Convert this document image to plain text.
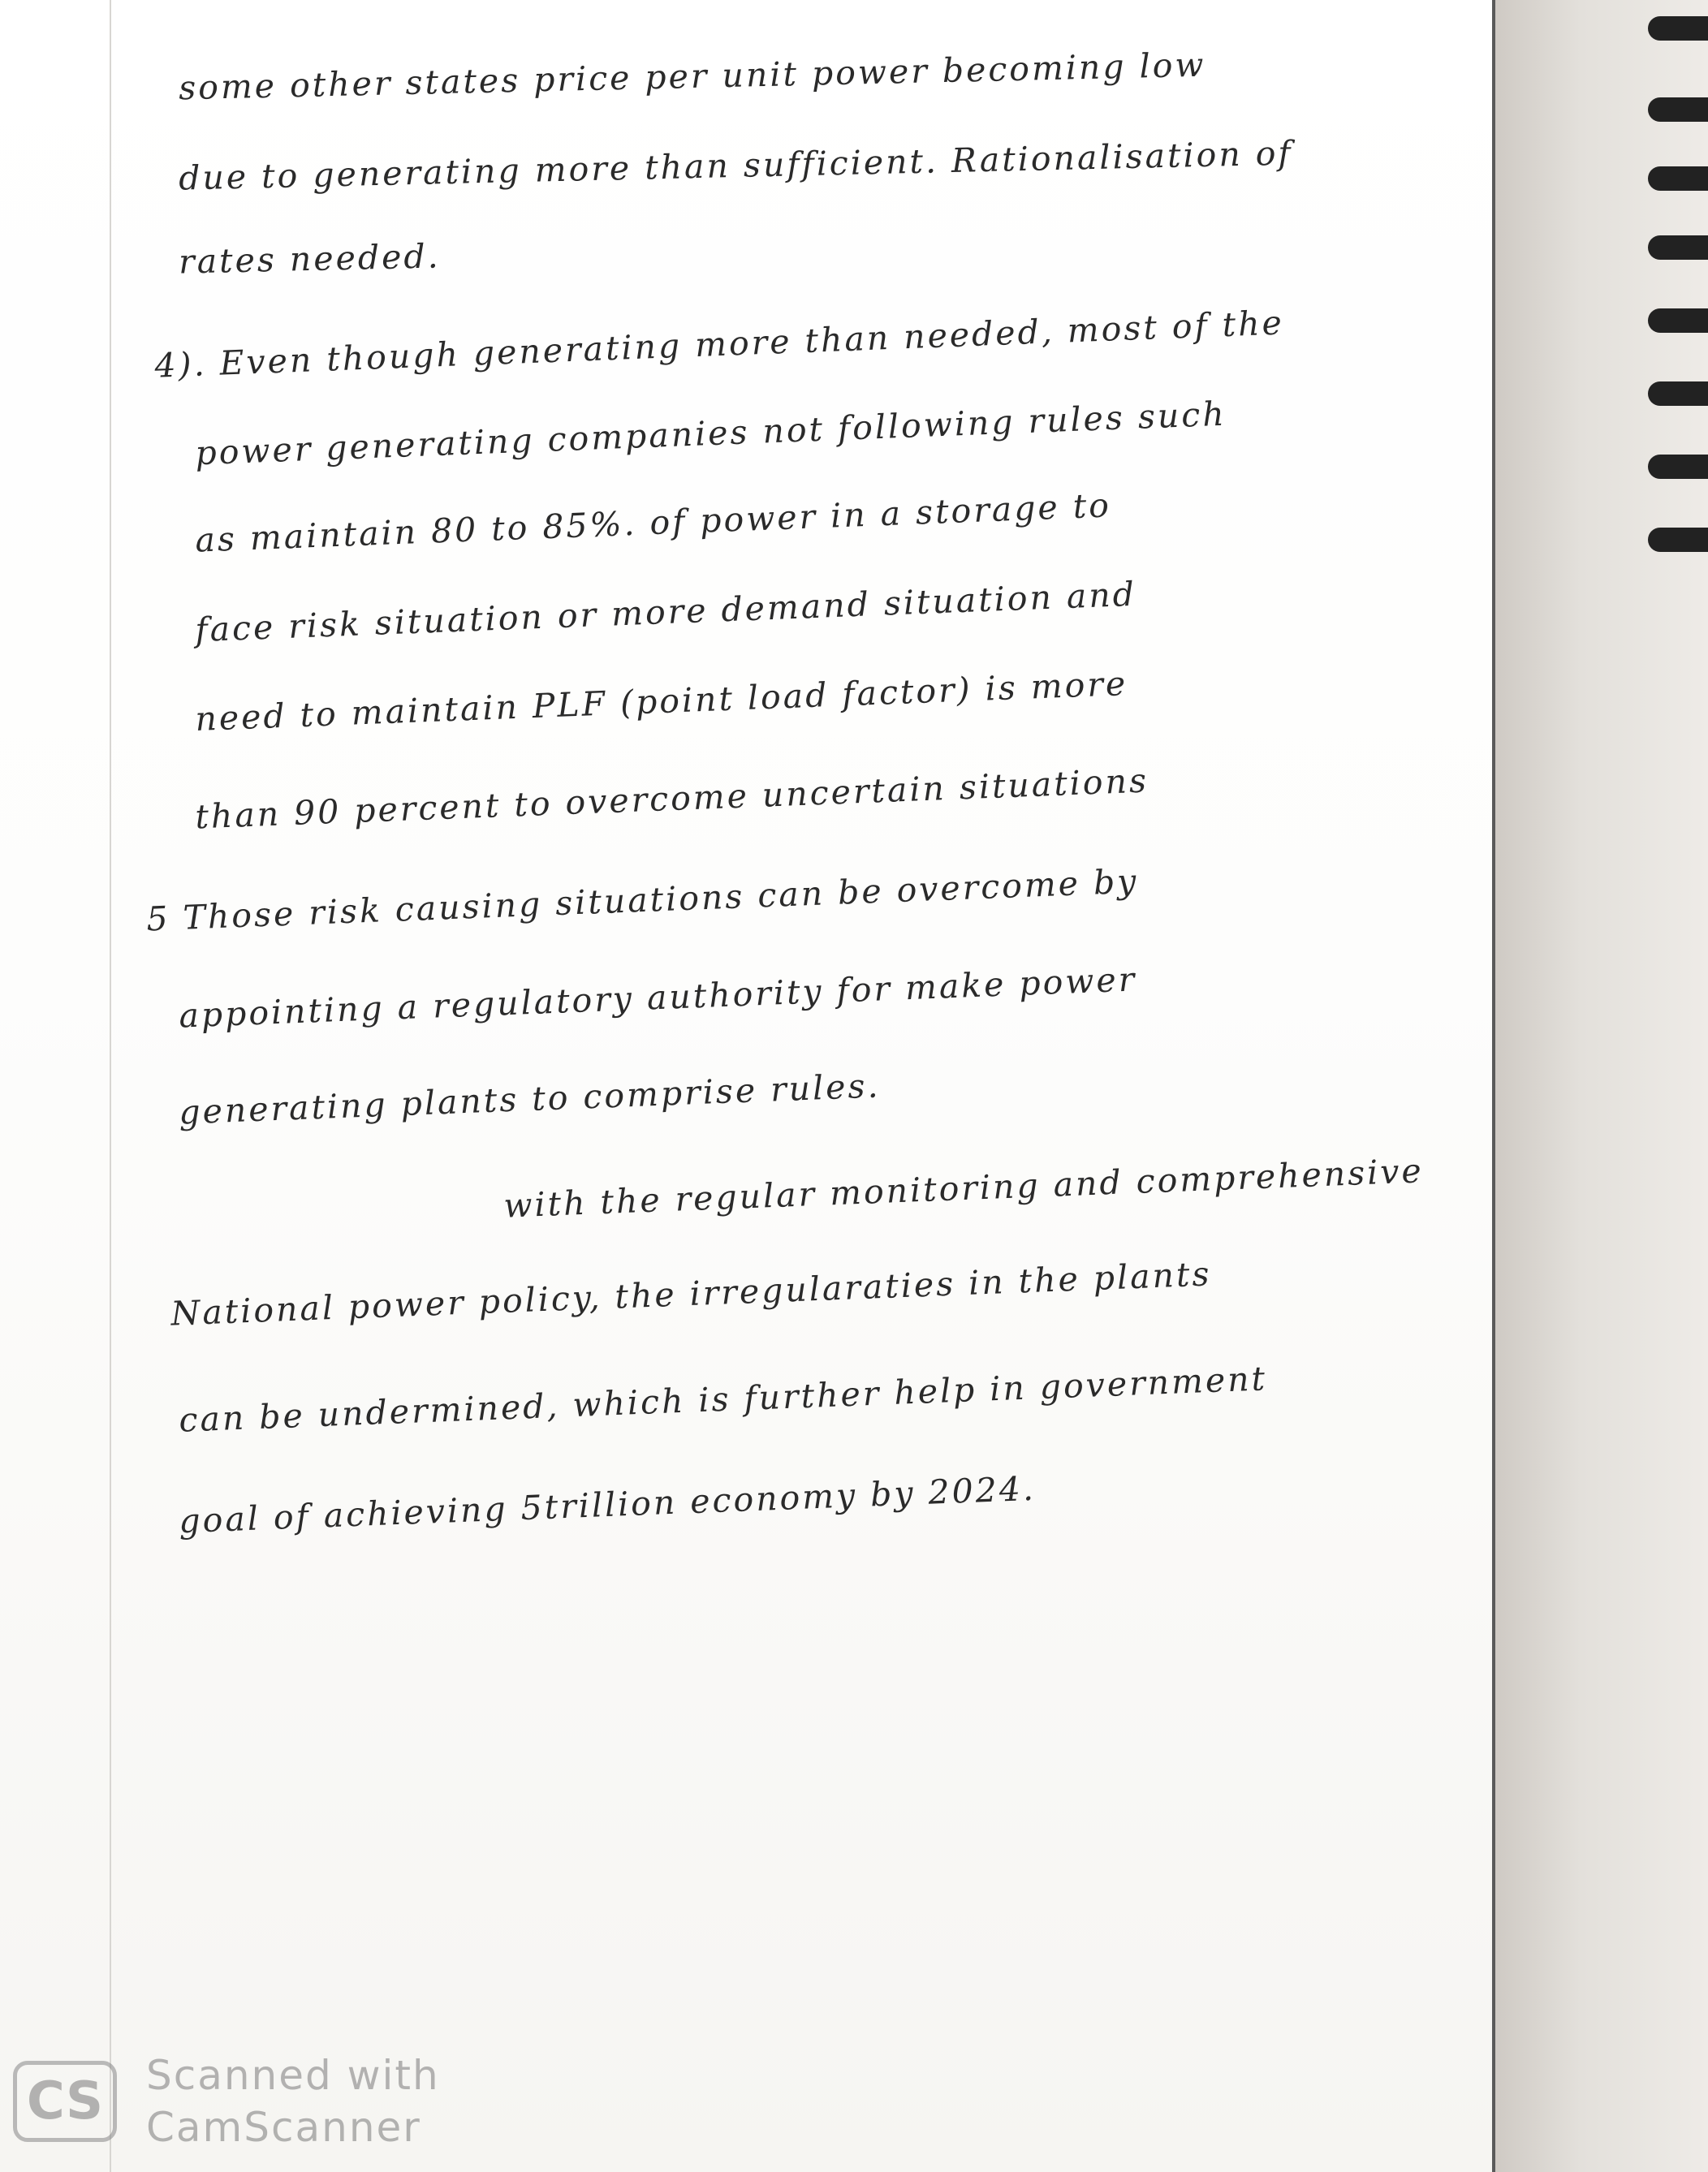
some other states price per unit power becoming low
due to generating more than sufficient. Rationalisation of
rates needed.
4). Even though generating more than needed, most of the
power generating companies not following rules such
as maintain 80 to 85%. of power in a storage to
face risk situation or more demand situation and
need to maintain PLF (point load factor) is more
than 90 percent to overcome uncertain situations
5 Those risk causing situations can be overcome by
appointing a regulatory authority for make power
generating plants to comprise rules.
with the regular monitoring and comprehensive
National power policy, the irregularaties in the plants
can be undermined, which is further help in government
goal of achieving 5trillion economy by 2024.
CS	Scanned with
CamScanner
